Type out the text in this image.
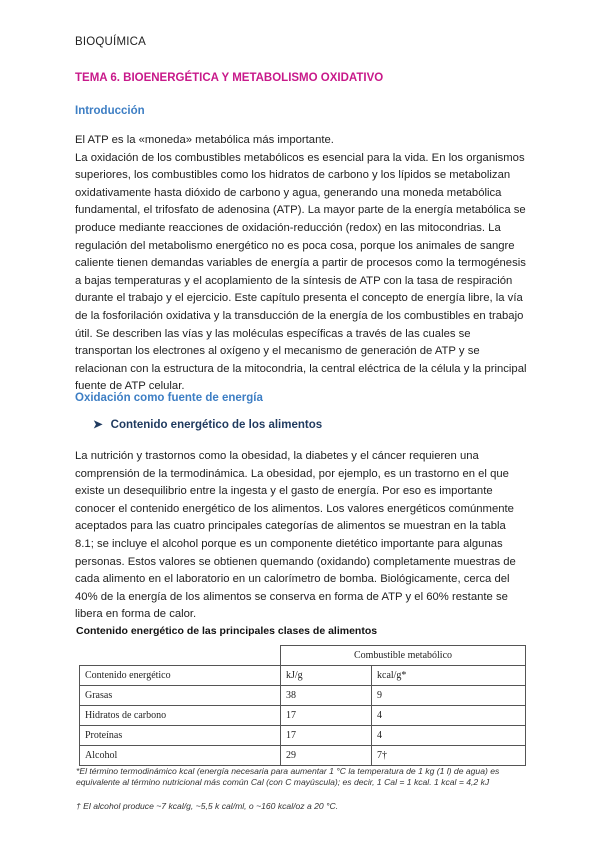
BIOQUÍMICA
TEMA 6. BIOENERGÉTICA Y METABOLISMO OXIDATIVO
Introducción

El ATP es la «moneda» metabólica más importante.

La oxidación de los combustibles metabólicos es esencial para la vida. En los organismos superiores, los combustibles como los hidratos de carbono y los lípidos se metabolizan oxidativamente hasta dióxido de carbono y agua, generando una moneda metabólica fundamental, el trifosfato de adenosina (ATP). La mayor parte de la energía metabólica se produce mediante reacciones de oxidación-reducción (redox) en las mitocondrias. La regulación del metabolismo energético no es poca cosa, porque los animales de sangre caliente tienen demandas variables de energía a partir de procesos como la termogénesis a bajas temperaturas y el acoplamiento de la síntesis de ATP con la tasa de respiración durante el trabajo y el ejercicio. Este capítulo presenta el concepto de energía libre, la vía de la fosforilación oxidativa y la transducción de la energía de los combustibles en trabajo útil. Se describen las vías y las moléculas específicas a través de las cuales se transportan los electrones al oxígeno y el mecanismo de generación de ATP y se relacionan con la estructura de la mitocondria, la central eléctrica de la célula y la principal fuente de ATP celular.

Oxidación como fuente de energía
➤ Contenido energético de los alimentos

La nutrición y trastornos como la obesidad, la diabetes y el cáncer requieren una comprensión de la termodinámica. La obesidad, por ejemplo, es un trastorno en el que existe un desequilibrio entre la ingesta y el gasto de energía. Por eso es importante conocer el contenido energético de los alimentos. Los valores energéticos comúnmente aceptados para las cuatro principales categorías de alimentos se muestran en la tabla 8.1; se incluye el alcohol porque es un componente dietético importante para algunas personas. Estos valores se obtienen quemando (oxidando) completamente muestras de cada alimento en el laboratorio en un calorímetro de bomba. Biológicamente, cerca del 40% de la energía de los alimentos se conserva en forma de ATP y el 60% restante se libera en forma de calor.

Contenido energético de las principales clases de alimentos
	Combustible metabólico	
Contenido energético	kJ/g	kcal/g*
Grasas	38	9
Hidratos de carbono	17	4
Proteínas	17	4
Alcohol	29	7†
*El término termodinámico kcal (energía necesaria para aumentar 1 °C la temperatura de 1 kg (1 l) de agua) es equivalente al término nutricional más común Cal (con C mayúscula); es decir, 1 Cal = 1 kcal. 1 kcal = 4,2 kJ
† El alcohol produce ~7 kcal/g, ~5,5 k cal/ml, o ~160 kcal/oz a 20 °C.
